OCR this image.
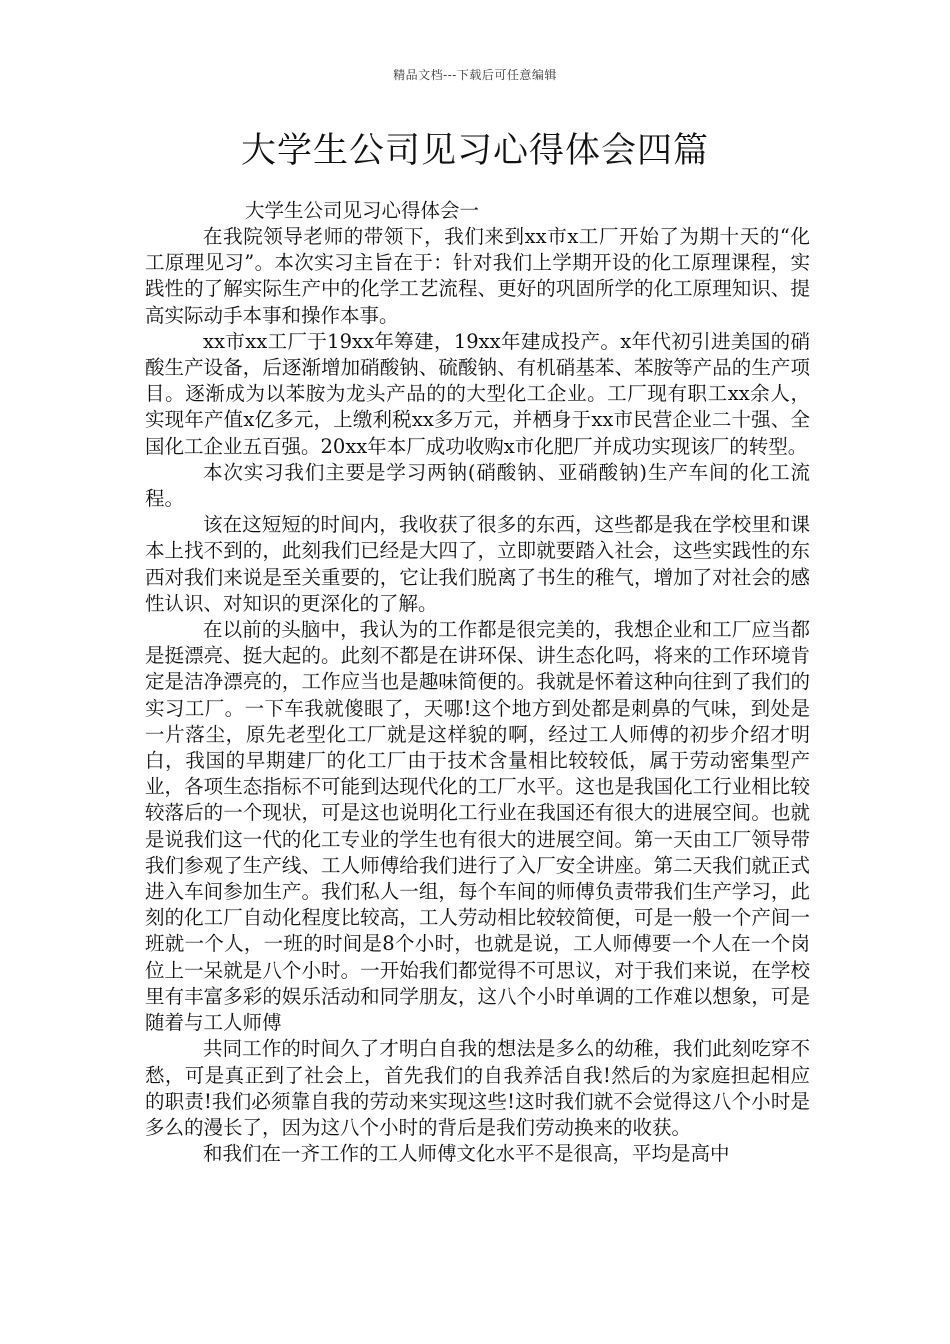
精品文档---下载后可任意编辑
大学生公司见习心得体会四篇

大学生公司见习心得体会一

在我院领导老师的带领下，我们来到xx市x工厂开始了为期十天的“化工原理见习”。本次实习主旨在于：针对我们上学期开设的化工原理课程，实践性的了解实际生产中的化学工艺流程、更好的巩固所学的化工原理知识、提高实际动手本事和操作本事。

xx市xx工厂于19xx年筹建，19xx年建成投产。x年代初引进美国的硝酸生产设备，后逐渐增加硝酸钠、硫酸钠、有机硝基苯、苯胺等产品的生产项目。逐渐成为以苯胺为龙头产品的的大型化工企业。工厂现有职工xx余人，实现年产值x亿多元，上缴利税xx多万元，并栖身于xx市民营企业二十强、全国化工企业五百强。20xx年本厂成功收购x市化肥厂并成功实现该厂的转型。

本次实习我们主要是学习两钠(硝酸钠、亚硝酸钠)生产车间的化工流程。

该在这短短的时间内，我收获了很多的东西，这些都是我在学校里和课本上找不到的，此刻我们已经是大四了，立即就要踏入社会，这些实践性的东西对我们来说是至关重要的，它让我们脱离了书生的稚气，增加了对社会的感性认识、对知识的更深化的了解。

在以前的头脑中，我认为的工作都是很完美的，我想企业和工厂应当都是挺漂亮、挺大起的。此刻不都是在讲环保、讲生态化吗，将来的工作环境肯定是洁净漂亮的，工作应当也是趣味简便的。我就是怀着这种向往到了我们的实习工厂。一下车我就傻眼了，天哪!这个地方到处都是刺鼻的气味，到处是一片落尘，原先老型化工厂就是这样貌的啊，经过工人师傅的初步介绍才明白，我国的早期建厂的化工厂由于技术含量相比较较低，属于劳动密集型产业，各项生态指标不可能到达现代化的工厂水平。这也是我国化工行业相比较较落后的一个现状，可是这也说明化工行业在我国还有很大的进展空间。也就是说我们这一代的化工专业的学生也有很大的进展空间。第一天由工厂领导带我们参观了生产线、工人师傅给我们进行了入厂安全讲座。第二天我们就正式进入车间参加生产。我们私人一组，每个车间的师傅负责带我们生产学习，此刻的化工厂自动化程度比较高，工人劳动相比较较简便，可是一般一个产间一班就一个人，一班的时间是8个小时，也就是说，工人师傅要一个人在一个岗位上一呆就是八个小时。一开始我们都觉得不可思议，对于我们来说，在学校里有丰富多彩的娱乐活动和同学朋友，这八个小时单调的工作难以想象，可是随着与工人师傅

共同工作的时间久了才明白自我的想法是多么的幼稚，我们此刻吃穿不愁，可是真正到了社会上，首先我们的自我养活自我!然后的为家庭担起相应的职责!我们必须靠自我的劳动来实现这些!这时我们就不会觉得这八个小时是多么的漫长了，因为这八个小时的背后是我们劳动换来的收获。

和我们在一齐工作的工人师傅文化水平不是很高，平均是高中
